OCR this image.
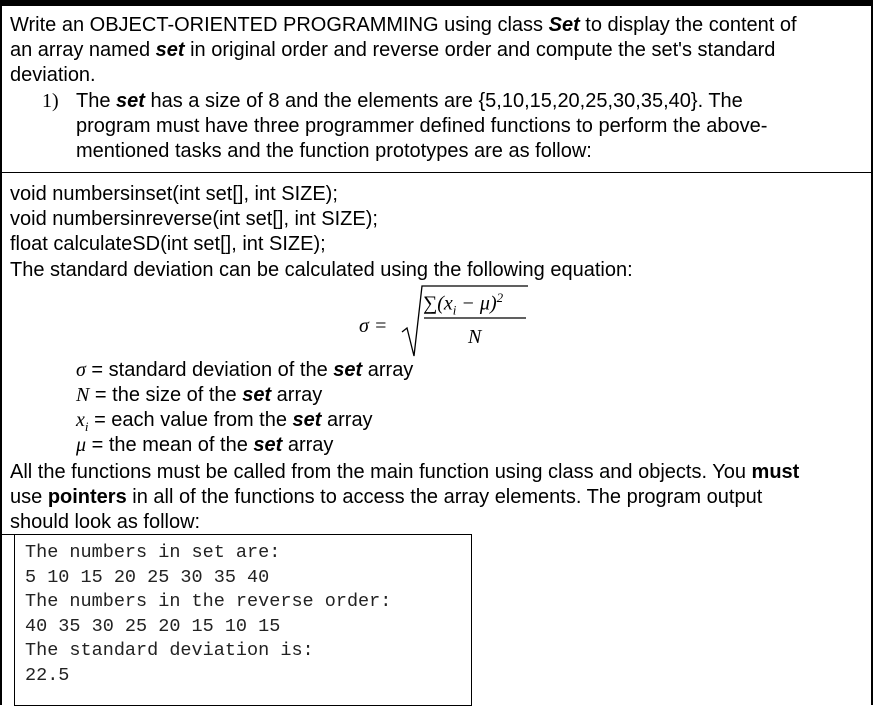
Write an OBJECT-ORIENTED PROGRAMMING using class Set to display the content of
an array named set in original order and reverse order and compute the set's standard
deviation.
1) The set has a size of 8 and the elements are {5,10,15,20,25,30,35,40}. The
program must have three programmer defined functions to perform the above-
mentioned tasks and the function prototypes are as follow:
void numbersinset(int set[], int SIZE);
void numbersinreverse(int set[], int SIZE);
float calculateSD(int set[], int SIZE);
The standard deviation can be calculated using the following equation:
σ =
$\sum(x_i - \mu)^2$
N
σ = standard deviation of the set array
N = the size of the set array
$x_i$ = each value from the set array
μ = the mean of the set array
All the functions must be called from the main function using class and objects. You must
use pointers in all of the functions to access the array elements. The program output
should look as follow:
The numbers in set are:
5 10 15 20 25 30 35 40
The numbers in the reverse order:
40 35 30 25 20 15 10 15
The standard deviation is:
22.5
